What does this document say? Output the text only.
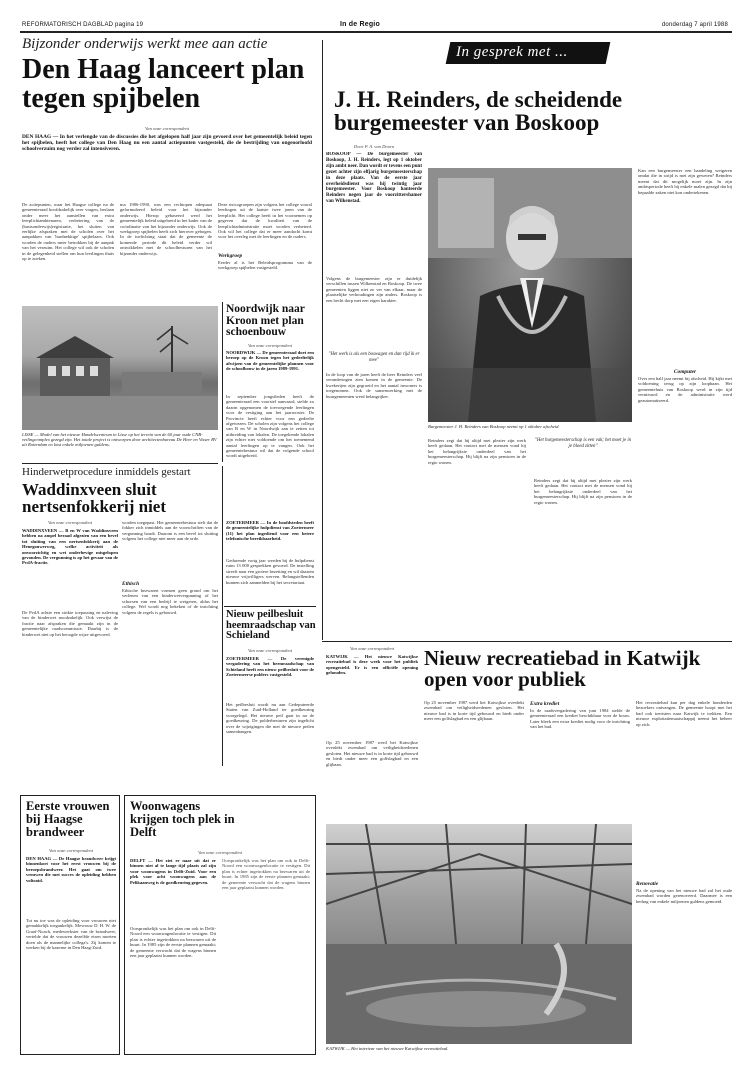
REFORMATORISCH DAGBLAD pagina 19	In de Regio	donderdag 7 april 1988
Bijzonder onderwijs werkt mee aan actie
Den Haag lanceert plan tegen spijbelen
Van onze correspondent
DEN HAAG — In het verlengde van de discussies die het afgelopen half jaar zijn gevoerd over het gemeentelijk beleid tegen het spijbelen, heeft het college van Den Haag nu een aantal actiepunten vastgesteld, die de bestrijding van ongeoorloofd schoolverzuim nog verder zal intensiveren.
De actiepunten, waar het Haagse college na de gemeenteraad hoofdzakelijk over vragen, beslaan onder meer het aanstellen van extra leerplichtambtenaren, verbetering van de (basisonderwijs)registratie, het sluiten van eerlijke afspraken met de scholen over het aanpakken van 'hardnekkige' spijbelaars. Ook worden de ouders meer betrokken bij de aanpak van het verzuim. Het college wil ook de scholen in de gelegenheid stellen om hun leerlingen thuis op te zoeken.
ma 1986-1990, was een rechtopen adequaat geformuleerd beleid voor het bijzonder onderwijs. Hierop gebaseerd werd het gemeentelijk beleid uitgebreid in het kader van de coördinatie van het bijzonder onderwijs. Ook de werkgroep spijbelen heeft zich hierover gebogen. In de toelichting staat dat de gemeente de komende periode dit beleid verder wil ontwikkelen met de schoolbesturen van het bijzonder onderwijs.
Deze risicogroepen zijn volgens het college vooral leerlingen uit de laatste twee jaren van de leerplicht. Het college heeft in het voornemen op gegeven dat de kwaliteit van de leerplichtadministratie moet worden verbeterd. Ook wil het college dat er meer aandacht komt voor het overleg met de leerlingen en de ouders.
Werkgroep
Eerder al is het Beleidsprogramma van de werkgroep spijbelen vastgesteld.
LISSE — Model van het nieuwe Handelscentrum in Lisse op het terrein van de 60 jaar oude CNB-veilingcomplex gezegd zijn. Het totale project is ontworpen door architectenbureau De Heer en Visser BV uit Rotterdam en kost enkele miljoenen guldens.
Noordwijk naar Kroon met plan schoenbouw
Van onze correspondent
NOORDWIJK — De gemeenteraad doet een beroep op de Kroon tegen het gedeeltelijk afwijzen van de gemeentelijke plannen voor de schoolbouw in de jaren 1989-1991.
In september jongstleden heeft de gemeenteraad een voorstel aanvaard, stelde zo daarin opgenomen de toevoegende leerlingen voor de vestiging aan het jaarrooster. De Provincie heeft echter voor een gedeelte afgewezen. De scholen zijn volgens het college van B en W in Noordwijk aan te zetten tot uitbreiding van lokalen. De toegekende lokalen zijn echter niet voldoende om het toenemend aantal leerlingen op te vangen. Ook het gemeentebestuur wil dat de volgende school wordt uitgebreid.
Hinderwetprocedure inmiddels gestart
Waddinxveen sluit nertsenfokkerij niet
Van onze correspondent
WADDINXVEEN — B en W van Waddinxveen hebben na ampel beraad afgezien van een bevel tot sluiting van een nertsenfokkerij aan de Henegouwerweg, welke activiteit als onvoorzichtig en wet onderhevige misgelopen gevonden. De vergunning is op het gevaar van de PvdA-fractie.
De PvdA achtte een strikte toepassing en naleving van de hinderwet noodzakelijk. Ook verwijst de fractie naar afspraken die gemaakt zijn in de gemeentelijke raadscommissie. Daarbij is de hinderwet niet op het beoogde wijze uitgevoerd.
worden toegepast. Het gemeentebestuur stelt dat de fokker zich inmiddels aan de voorschriften van de vergunning houdt. Daarom is een bevel tot sluiting volgens het college niet meer aan de orde.
Ethisch
Ethische bezwaren vormen geen grond om het verlenen van een hinderwetvergunning of het schorsen van een bedrijf te weigeren, aldus het college. Wel wordt nog bekeken of de inrichting volgens de regels is gebouwd.
ZOETERMEER — In de hoofdsteden heeft de gemeentelijke hulpdienst van Zoetermeer (11) het plan ingediend voor een betere telefonische bereikbaarheid.
Gedurende vorig jaar werden bij de hulpdienst ruim 13 000 gesprekken gevoerd. De instelling streeft naar een grotere bezetting en wil daarom nieuwe vrijwilligers werven. Belangstellenden kunnen zich aanmelden bij het secretariaat.
Nieuw peilbesluit heemraadschap van Schieland
Van onze correspondent
ZOETERMEER — De verenigde vergadering van het heemraadschap van Schieland heeft een nieuw peilbesluit voor de Zoetermeerse polders vastgesteld.
Het peilbesluit wordt nu aan Gedeputeerde Staten van Zuid-Holland ter goedkeuring voorgelegd. Het nieuwe peil gaat in na de goedkeuring. De polderbesturen zijn ingelicht over de wijzigingen die met de nieuwe peilen samenhangen.
Eerste vrouwen bij Haagse brandweer
Van onze correspondent
DEN HAAG — De Haagse brandweer krijgt binnenkort voor het eerst vrouwen bij de beroepsbrandweer. Het gaat om twee vrouwen die met succes de opleiding hebben voltooid.
Tot nu toe was de opleiding voor vrouwen niet gemakkelijk toegankelijk. Mevrouw D. H. W. de Graaf-Noach, medewerkster van de brandweer, vertelde dat de vrouwen dezelfde eisen moeten doen als de mannelijke collega's. Zij komen te werken bij de kazerne in Den Haag-Zuid.
Woonwagens krijgen toch plek in Delft
Van onze correspondent
DELFT — Het ziet er naar uit dat er binnen niet al te lange tijd plaats zal zijn voor woonwagens in Delft-Zuid. Voor een plek voor acht woonwagens aan de Pelikaanweg is de goedkeuring gegeven.
Oorspronkelijk was het plan om ook in Delft-Noord een woonwagenlocatie te vestigen. Dit plan is echter ingetrokken na bezwaren uit de buurt. In 1985 zijn de eerste plannen gemaakt; de gemeente verwacht dat de wagens binnen een jaar geplaatst kunnen worden.
Oorspronkelijk was het plan om ook in Delft-Noord een woonwagenlocatie te vestigen. Dit plan is echter ingetrokken na bezwaren uit de buurt. In 1985 zijn de eerste plannen gemaakt; de gemeente verwacht dat de wagens binnen een jaar geplaatst kunnen worden.
In gesprek met ...
J. H. Reinders, de scheidende burgemeester van Boskoop
Door P. A. van Doorn
BOSKOOP — De burgemeester van Boskoop, J. H. Reinders, legt op 1 oktober zijn ambt neer. Dan wordt er tevens een punt gezet achter zijn elfjarig burgemeesterschap in deze plaats. Van de eerste jaar overheidsdienst was hij twintig jaar burgemeester. Voor Boskoop hanteerde Reinders negen jaar de voorzittershamer van Wilkenstad.
Volgens de burgemeester zijn er duidelijk verschillen tussen Wilkenstad en Boskoop. De twee gemeenten liggen niet zo ver van elkaar, maar de plaatselijke verhoudingen zijn anders. Boskoop is een hecht dorp met een eigen karakter.
"Het werk is als een boswagen en dan rijd ik er mee"
In de loop van de jaren heeft de heer Reinders veel veranderingen zien komen in de gemeente. De kwekerijen zijn gegroeid en het aantal inwoners is toegenomen. Ook de samenwerking met de buurgemeenten werd belangrijker.
Burgemeester J. H. Reinders van Boskoop neemt op 1 oktober afscheid.
Reinders zegt dat hij altijd met plezier zijn werk heeft gedaan. Het contact met de mensen vond hij het belangrijkste onderdeel van het burgemeesterschap. Hij blijft na zijn pensioen in de regio wonen.
"Het burgemeesterschap is een vak; het moet je in je bloed zitten"
Reinders zegt dat hij altijd met plezier zijn werk heeft gedaan. Het contact met de mensen vond hij het belangrijkste onderdeel van het burgemeesterschap. Hij blijft na zijn pensioen in de regio wonen.
Kan een burgemeester een handeling weigeren omdat die in strijd is met zijn geweten? Reinders meent dat dit mogelijk moet zijn. In zijn ambtsperiode heeft hij enkele malen gezegd dat hij bepaalde zaken niet kon ondertekenen.
Computer
Over een half jaar neemt hij afscheid. Hij kijkt met voldoening terug op zijn loopbaan. Het gemeentehuis van Boskoop werd in zijn tijd vernieuwd en de administratie werd geautomatiseerd.
Van onze correspondent
KATWIJK — Het nieuwe Katwijkse recreatiebad is deze week voor het publiek opengesteld. Er is een officiële opening gehouden.
Nieuw recreatiebad in Katwijk open voor publiek
Op 25 november 1987 werd het Katwijkse overdekt zwembad om veiligheidsredenen gesloten. Het nieuwe bad is in korte tijd gebouwd en biedt onder meer een golfslagbad en een glijbaan.
Op 25 november 1987 werd het Katwijkse overdekt zwembad om veiligheidsredenen gesloten. Het nieuwe bad is in korte tijd gebouwd en biedt onder meer een golfslagbad en een glijbaan.
Extra krediet
In de raadsvergadering van juni 1984 stelde de gemeenteraad een krediet beschikbaar voor de bouw. Later bleek een extra krediet nodig voor de inrichting van het bad.
Het recreatiebad kan per dag enkele honderden bezoekers ontvangen. De gemeente hoopt met het bad ook toeristen naar Katwijk te trekken. Een nieuwe exploitatiemaatschappij neemt het beheer op zich.
Renovatie
Na de opening van het nieuwe bad zal het oude zwembad worden gerenoveerd. Daarmee is een bedrag van enkele miljoenen guldens gemoeid.
KATWIJK — Het interieur van het nieuwe Katwijkse recreatiebad.
